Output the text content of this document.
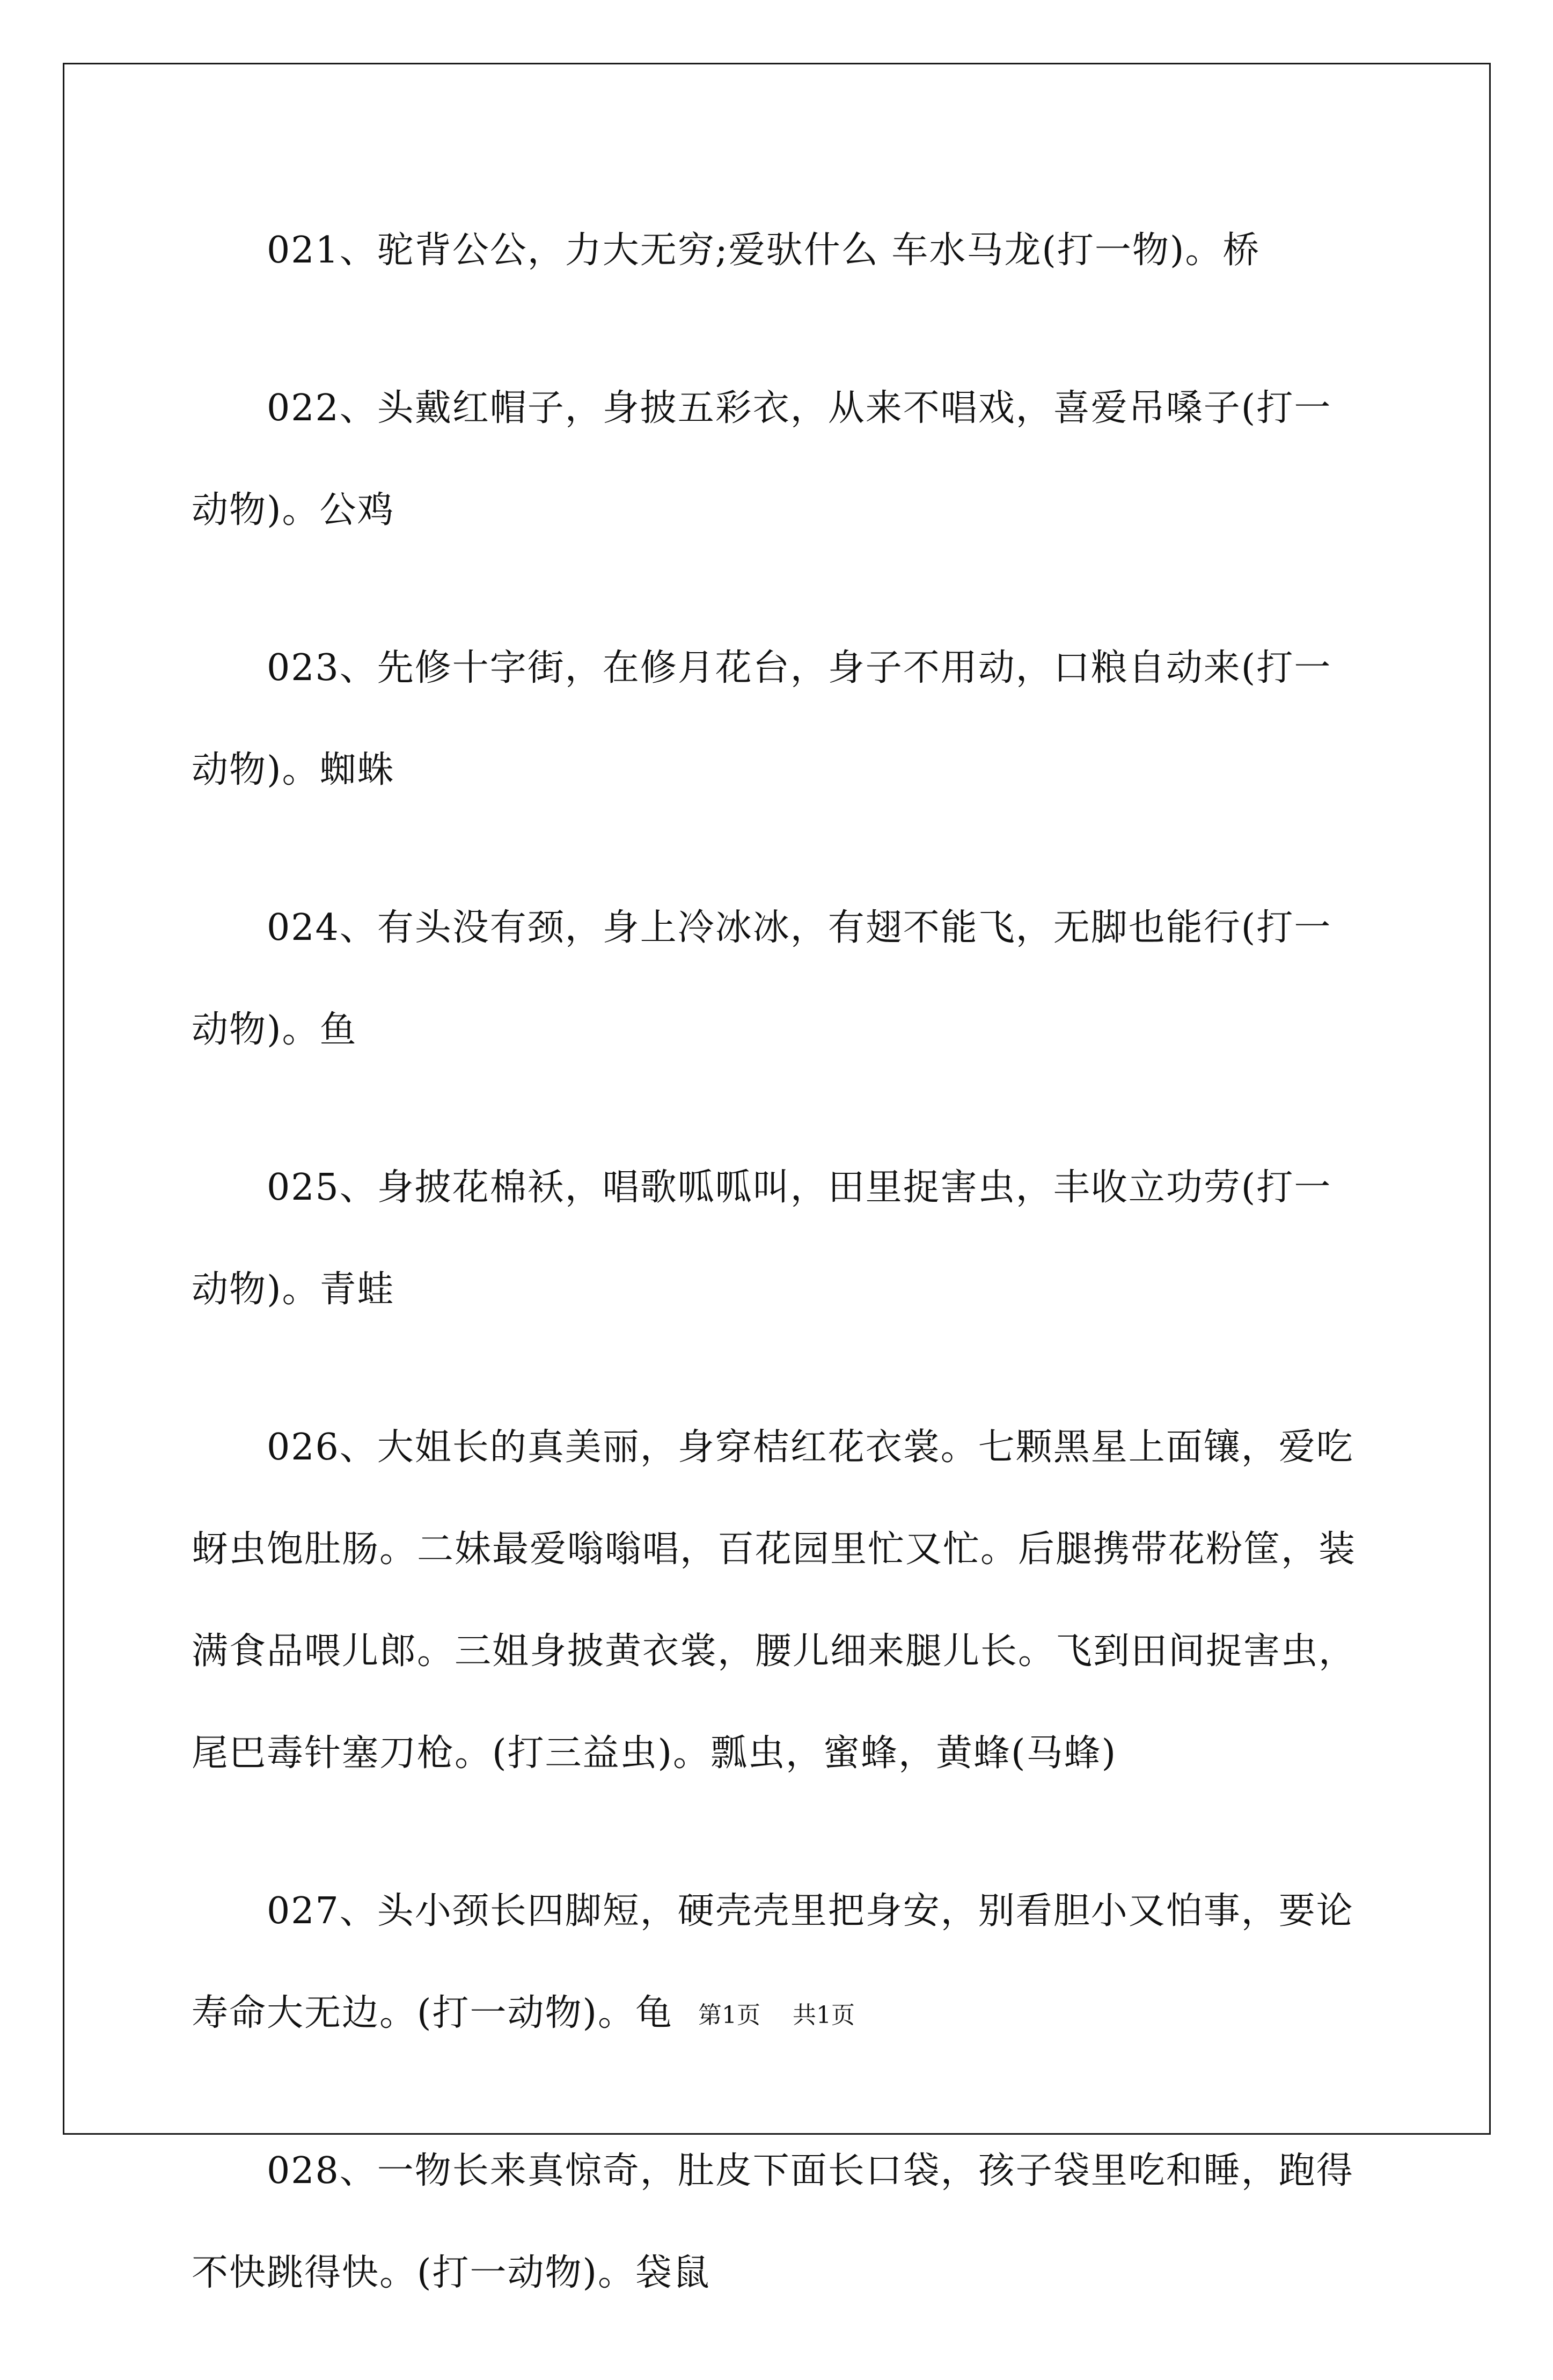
021、驼背公公，力大无穷;爱驮什么 车水马龙(打一物)。桥

022、头戴红帽子，身披五彩衣，从来不唱戏，喜爱吊嗓子(打一动物)。公鸡

023、先修十字街，在修月花台，身子不用动，口粮自动来(打一动物)。蜘蛛

024、有头没有颈，身上冷冰冰，有翅不能飞，无脚也能行(打一动物)。鱼

025、身披花棉袄，唱歌呱呱叫，田里捉害虫，丰收立功劳(打一动物)。青蛙

026、大姐长的真美丽，身穿桔红花衣裳。七颗黑星上面镶，爱吃蚜虫饱肚肠。二妹最爱嗡嗡唱，百花园里忙又忙。后腿携带花粉筐，装满食品喂儿郎。三姐身披黄衣裳，腰儿细来腿儿长。飞到田间捉害虫，尾巴毒针塞刀枪。(打三益虫)。瓢虫，蜜蜂，黄蜂(马蜂)

027、头小颈长四脚短，硬壳壳里把身安，别看胆小又怕事，要论寿命大无边。(打一动物)。龟

028、一物长来真惊奇，肚皮下面长口袋，孩子袋里吃和睡，跑得不快跳得快。(打一动物)。袋鼠

第1页 共1页
